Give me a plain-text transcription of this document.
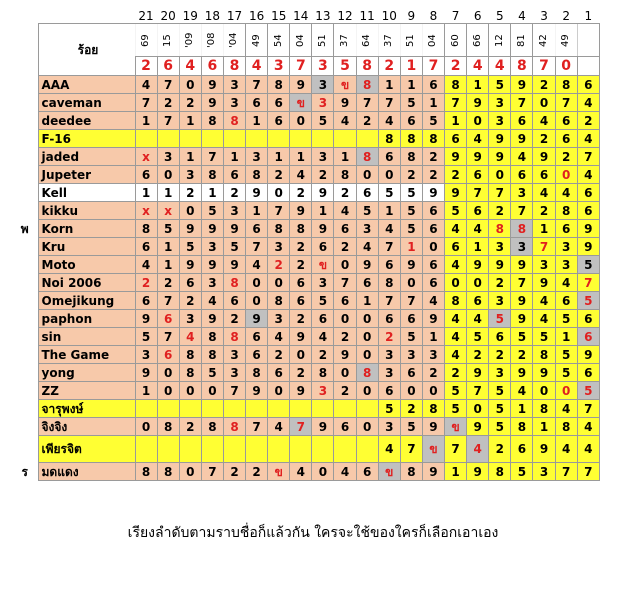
		21	20	19	18	17	16	15	14	13	12	11	10	9	8	7	6	5	4	3	2	1
	ร้อย	69	15	'09	'08	'04	49	54	04	51	37	64	37	51	04	60	66	12	81	42	49	
		2	6	4	6	8	4	3	7	3	5	8	2	1	7	2	4	4	8	7	0	
	AAA	4	7	0	9	3	7	8	9	3	ข	8	1	1	6	8	1	5	9	2	8	6
	caveman	7	2	2	9	3	6	6	ข	3	9	7	7	5	1	7	9	3	7	0	7	4
	deedee	1	7	1	8	8	1	6	0	5	4	2	4	6	5	1	0	3	6	4	6	2
	F-16												8	8	8	6	4	9	9	2	6	4
	jaded	x	3	1	7	1	3	1	1	3	1	8	6	8	2	9	9	9	4	9	2	7
	Jupeter	6	0	3	8	6	8	2	4	2	8	0	0	2	2	2	6	0	6	6	0	4
	Kell	1	1	2	1	2	9	0	2	9	2	6	5	5	9	9	7	7	3	4	4	6
	kikku	x	x	0	5	3	1	7	9	1	4	5	1	5	6	5	6	2	7	2	8	6
พ	Korn	8	5	9	9	9	6	8	8	9	6	3	4	5	6	4	4	8	8	1	6	9
	Kru	6	1	5	3	5	7	3	2	6	2	4	7	1	0	6	1	3	3	7	3	9
	Moto	4	1	9	9	9	4	2	2	ข	0	9	6	9	6	4	9	9	9	3	3	5
	Noi 2006	2	2	6	3	8	0	0	6	3	7	6	8	0	6	0	0	2	7	9	4	7
	Omejikung	6	7	2	4	6	0	8	6	5	6	1	7	7	4	8	6	3	9	4	6	5
	paphon	9	6	3	9	2	9	3	2	6	0	0	6	6	9	4	4	5	9	4	5	6
	sin	5	7	4	8	8	6	4	9	4	2	0	2	5	1	4	5	6	5	5	1	6
	The Game	3	6	8	8	3	6	2	0	2	9	0	3	3	3	4	2	2	2	8	5	9
	yong	9	0	8	5	3	8	6	2	8	0	8	3	6	2	2	9	3	9	9	5	6
	ZZ	1	0	0	0	7	9	0	9	3	2	0	6	0	0	5	7	5	4	0	0	5
	จารุพงษ์												5	2	8	5	0	5	1	8	4	7
	จิงจิง	0	8	2	8	8	7	4	7	9	6	0	3	5	9	ข	9	5	8	1	8	4
	เพียรจิต												4	7	ข	7	4	2	6	9	4	4
ร	มดแดง	8	8	0	7	2	2	ข	4	0	4	6	ข	8	9	1	9	8	5	3	7	7
เรียงลำดับตามราบชื่อก็แล้วกัน ใครจะใช้ของใครก็เลือกเอาเอง
